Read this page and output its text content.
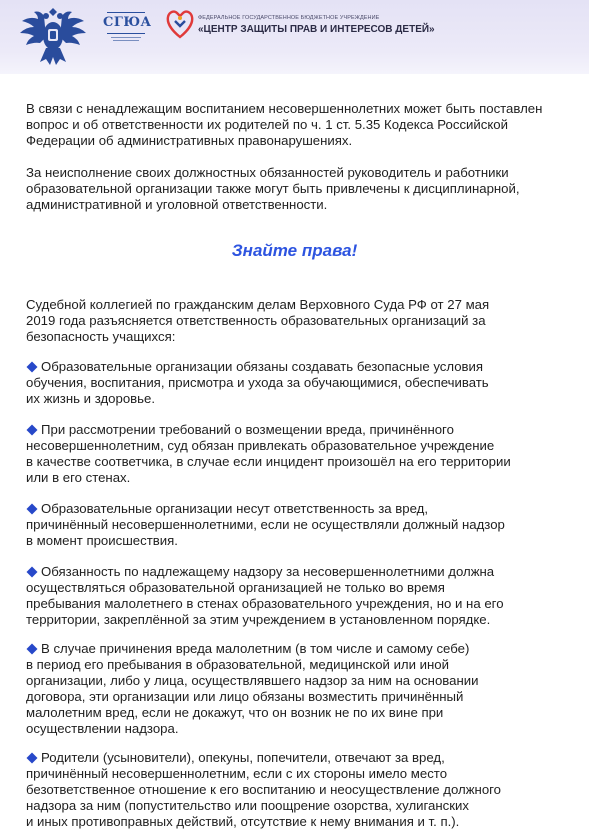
СГЮА	ФЕДЕРАЛЬНОЕ ГОСУДАРСТВЕННОЕ БЮДЖЕТНОЕ УЧРЕЖДЕНИЕ
«ЦЕНТР ЗАЩИТЫ ПРАВ И ИНТЕРЕСОВ ДЕТЕЙ»

В связи с ненадлежащим воспитанием несовершеннолетних может быть поставлен
вопрос и об ответственности их родителей по ч. 1 ст. 5.35 Кодекса Российской
Федерации об административных правонарушениях.

За неисполнение своих должностных обязанностей руководитель и работники
образовательной организации также могут быть привлечены к дисциплинарной,
административной и уголовной ответственности.

Знайте права!

Судебной коллегией по гражданским делам Верховного Суда РФ от 27 мая
2019 года разъясняется ответственность образовательных организаций за
безопасность учащихся:

Образовательные организации обязаны создавать безопасные условия
обучения, воспитания, присмотра и ухода за обучающимися, обеспечивать
их жизнь и здоровье.

При рассмотрении требований о возмещении вреда, причинённого
несовершеннолетним, суд обязан привлекать образовательное учреждение
в качестве соответчика, в случае если инцидент произошёл на его территории
или в его стенах.

Образовательные организации несут ответственность за вред,
причинённый несовершеннолетними, если не осуществляли должный надзор
в момент происшествия.

Обязанность по надлежащему надзору за несовершеннолетними должна
осуществляться образовательной организацией не только во время
пребывания малолетнего в стенах образовательного учреждения, но и на его
территории, закреплённой за этим учреждением в установленном порядке.

В случае причинения вреда малолетним (в том числе и самому себе)
в период его пребывания в образовательной, медицинской или иной
организации, либо у лица, осуществлявшего надзор за ним на основании
договора, эти организации или лицо обязаны возместить причинённый
малолетним вред, если не докажут, что он возник не по их вине при
осуществлении надзора.

Родители (усыновители), опекуны, попечители, отвечают за вред,
причинённый несовершеннолетним, если с их стороны имело место
безответственное отношение к его воспитанию и неосуществление должного
надзора за ним (попустительство или поощрение озорства, хулиганских
и иных противоправных действий, отсутствие к нему внимания и т. п.).
